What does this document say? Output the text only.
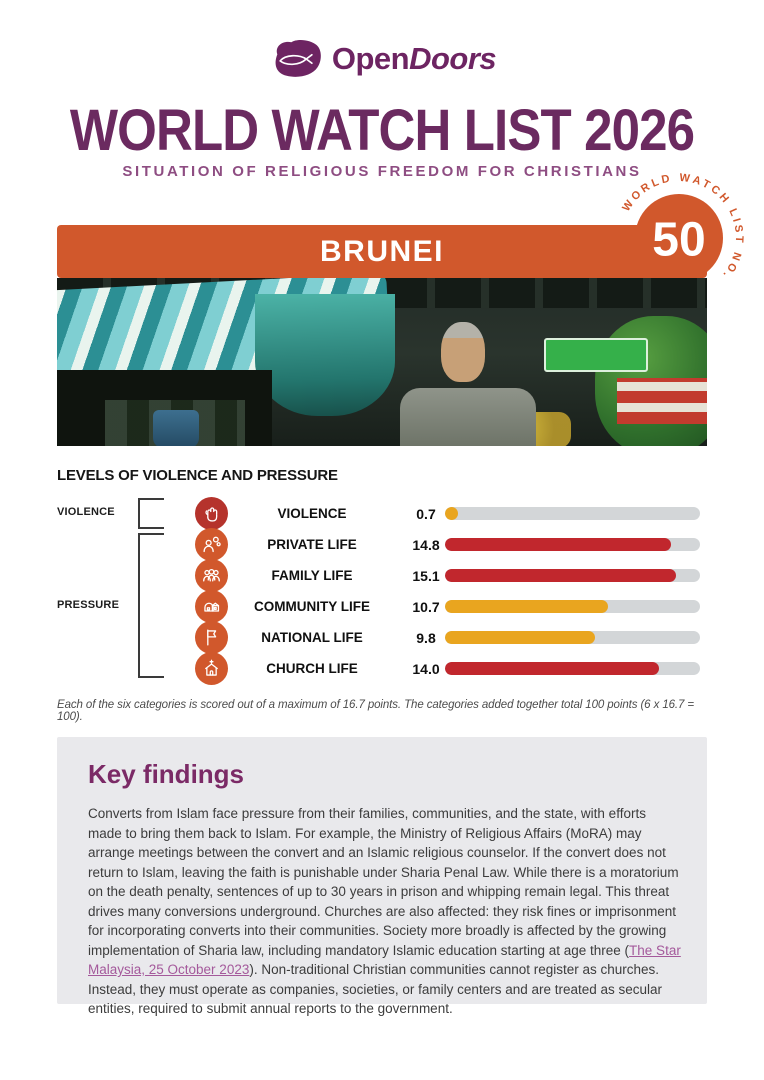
OpenDoors
WORLD WATCH LIST 2026
SITUATION OF RELIGIOUS FREEDOM FOR CHRISTIANS
BRUNEI	50
WORLD WATCH LIST NO.
LEVELS OF VIOLENCE AND PRESSURE
VIOLENCE
PRESSURE
VIOLENCE	0.7
PRIVATE LIFE	14.8
FAMILY LIFE	15.1
COMMUNITY LIFE	10.7
NATIONAL LIFE	9.8
CHURCH LIFE	14.0
Each of the six categories is scored out of a maximum of 16.7 points. The categories added together total 100 points (6 x 16.7 = 100).
Key findings

Converts from Islam face pressure from their families, communities, and the state, with efforts made to bring them back to Islam. For example, the Ministry of Religious Affairs (MoRA) may arrange meetings between the convert and an Islamic religious counselor. If the convert does not return to Islam, leaving the faith is punishable under Sharia Penal Law. While there is a moratorium on the death penalty, sentences of up to 30 years in prison and whipping remain legal. This threat drives many conversions underground. Churches are also affected: they risk fines or imprisonment for incorporating converts into their communities. Society more broadly is affected by the growing implementation of Sharia law, including mandatory Islamic education starting at age three (The Star Malaysia, 25 October 2023). Non-traditional Christian communities cannot register as churches. Instead, they must operate as companies, societies, or family centers and are treated as secular entities, required to submit annual reports to the government.
